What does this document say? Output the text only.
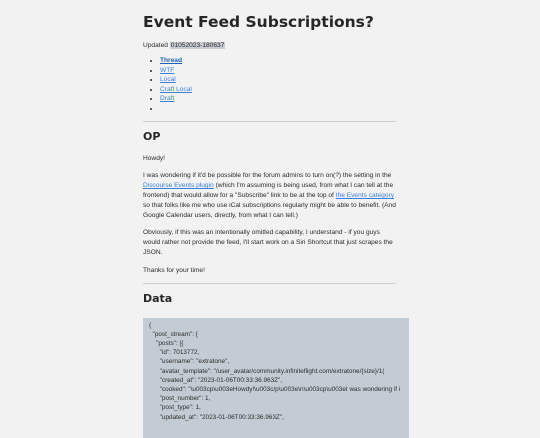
Event Feed Subscriptions?
Updated 01052023-180637
• Thread
• WTF
• Local
• Craft Local
• Draft
•
OP

Howdy!

I was wondering if it'd be possible for the forum admins to turn on(?) the setting in the Discourse Events plugin (which I'm assuming is being used, from what I can tell at the frontend) that would allow for a "Subscribe" link to be at the top of the Events category so that folks like me who use iCal subscriptions regularly might be able to benefit. (And Google Calendar users, directly, from what I can tell.)

Obviously, if this was an intentionally omitted capability, I understand - if you guys would rather not provide the feed, I'll start work on a Siri Shortcut that just scrapes the JSON.

Thanks for your time!

Data
{
"post_stream": {
"posts": [{
"id": 7013772,
"username": "extratone",
"avatar_template": "/user_avatar/community.infiniteflight.com/extratone/{size}/1(
"created_at": "2023-01-06T00:33:36.963Z",
"cooked": "\u003cp\u003eHowdy!\u003c/p\u003e\n\u003cp\u003eI was wondering if i
"post_number": 1,
"post_type": 1,
"updated_at": "2023-01-06T00:33:36.963Z",
